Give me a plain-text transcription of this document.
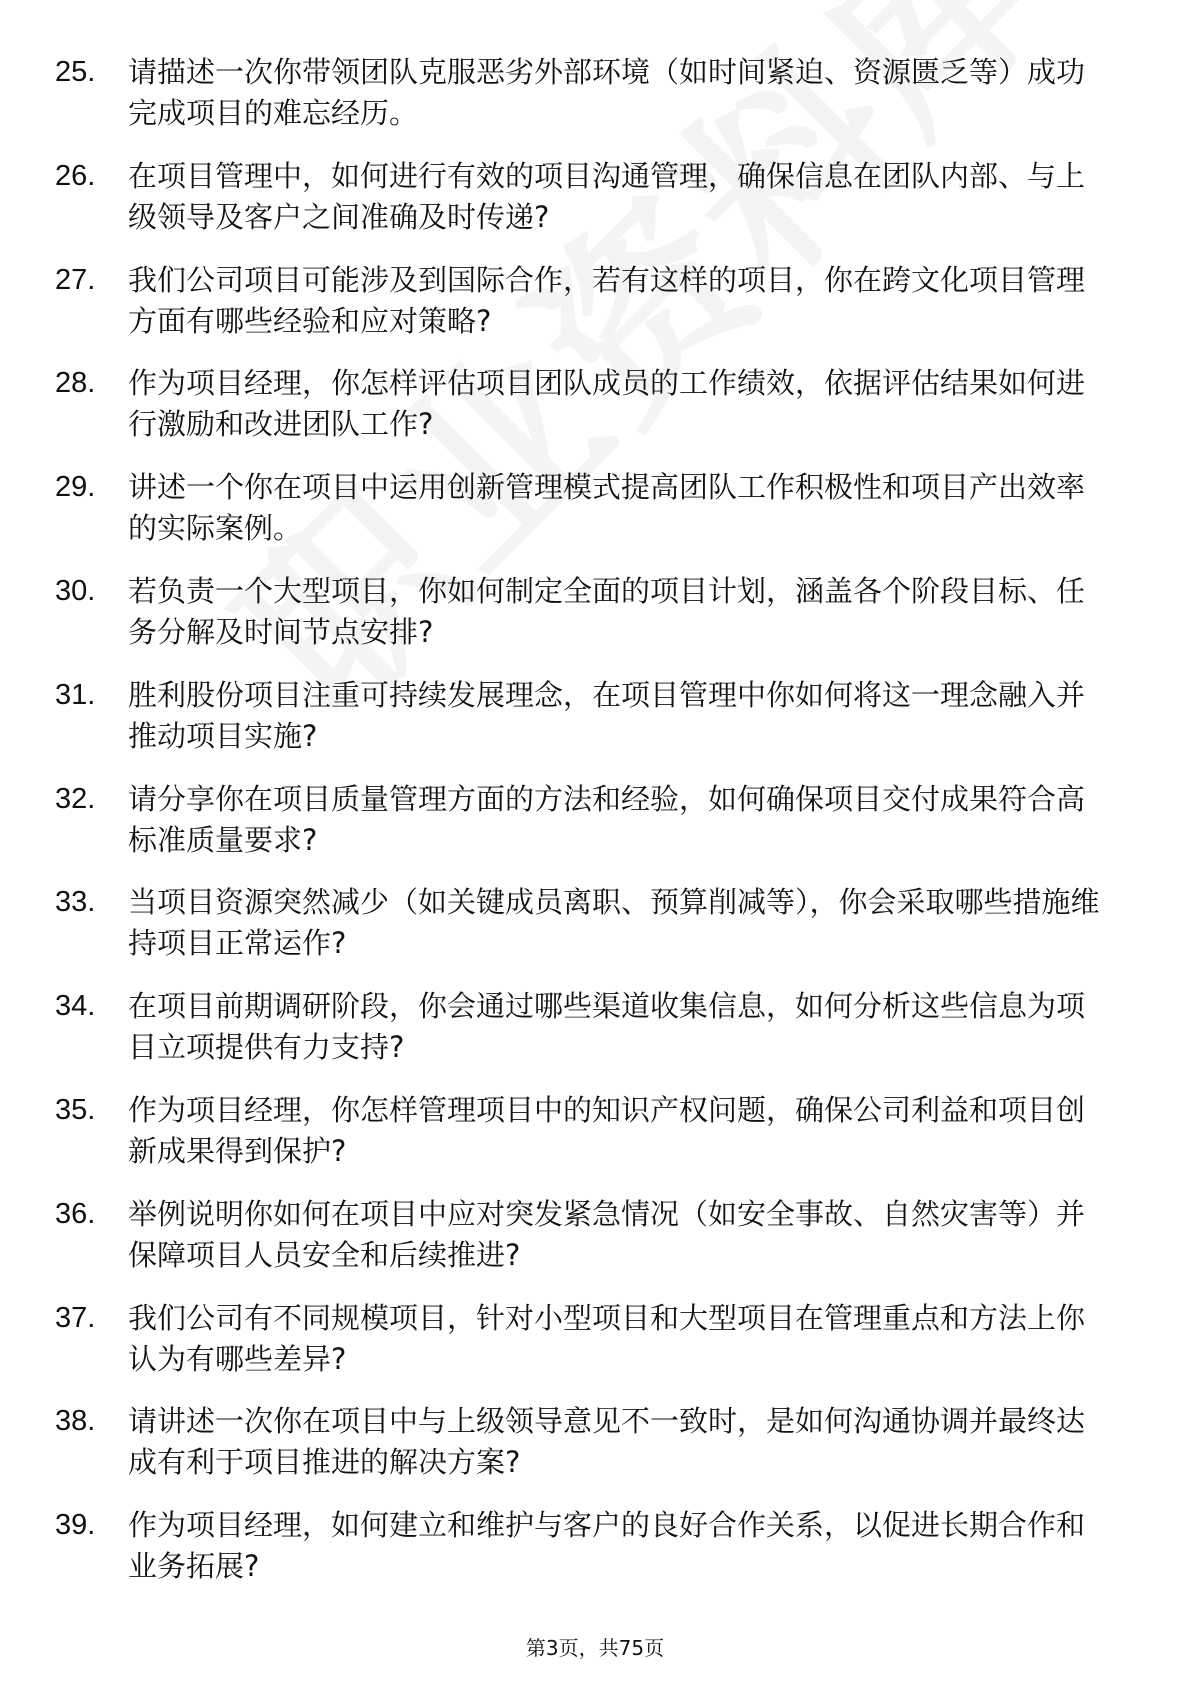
25.	请描述一次你带领团队克服恶劣外部环境（如时间紧迫、资源匮乏等）成功完成项目的难忘经历。
26.	在项目管理中，如何进行有效的项目沟通管理，确保信息在团队内部、与上级领导及客户之间准确及时传递?
27.	我们公司项目可能涉及到国际合作，若有这样的项目，你在跨文化项目管理方面有哪些经验和应对策略?
28.	作为项目经理，你怎样评估项目团队成员的工作绩效，依据评估结果如何进行激励和改进团队工作?
29.	讲述一个你在项目中运用创新管理模式提高团队工作积极性和项目产出效率的实际案例。
30.	若负责一个大型项目，你如何制定全面的项目计划，涵盖各个阶段目标、任务分解及时间节点安排?
31.	胜利股份项目注重可持续发展理念，在项目管理中你如何将这一理念融入并推动项目实施?
32.	请分享你在项目质量管理方面的方法和经验，如何确保项目交付成果符合高标准质量要求?
33.	当项目资源突然减少（如关键成员离职、预算削减等），你会采取哪些措施维持项目正常运作?
34.	在项目前期调研阶段，你会通过哪些渠道收集信息，如何分析这些信息为项目立项提供有力支持?
35.	作为项目经理，你怎样管理项目中的知识产权问题，确保公司利益和项目创新成果得到保护?
36.	举例说明你如何在项目中应对突发紧急情况（如安全事故、自然灾害等）并保障项目人员安全和后续推进?
37.	我们公司有不同规模项目，针对小型项目和大型项目在管理重点和方法上你认为有哪些差异?
38.	请讲述一次你在项目中与上级领导意见不一致时，是如何沟通协调并最终达成有利于项目推进的解决方案?
39.	作为项目经理，如何建立和维护与客户的良好合作关系，以促进长期合作和业务拓展?
第3页，共75页
